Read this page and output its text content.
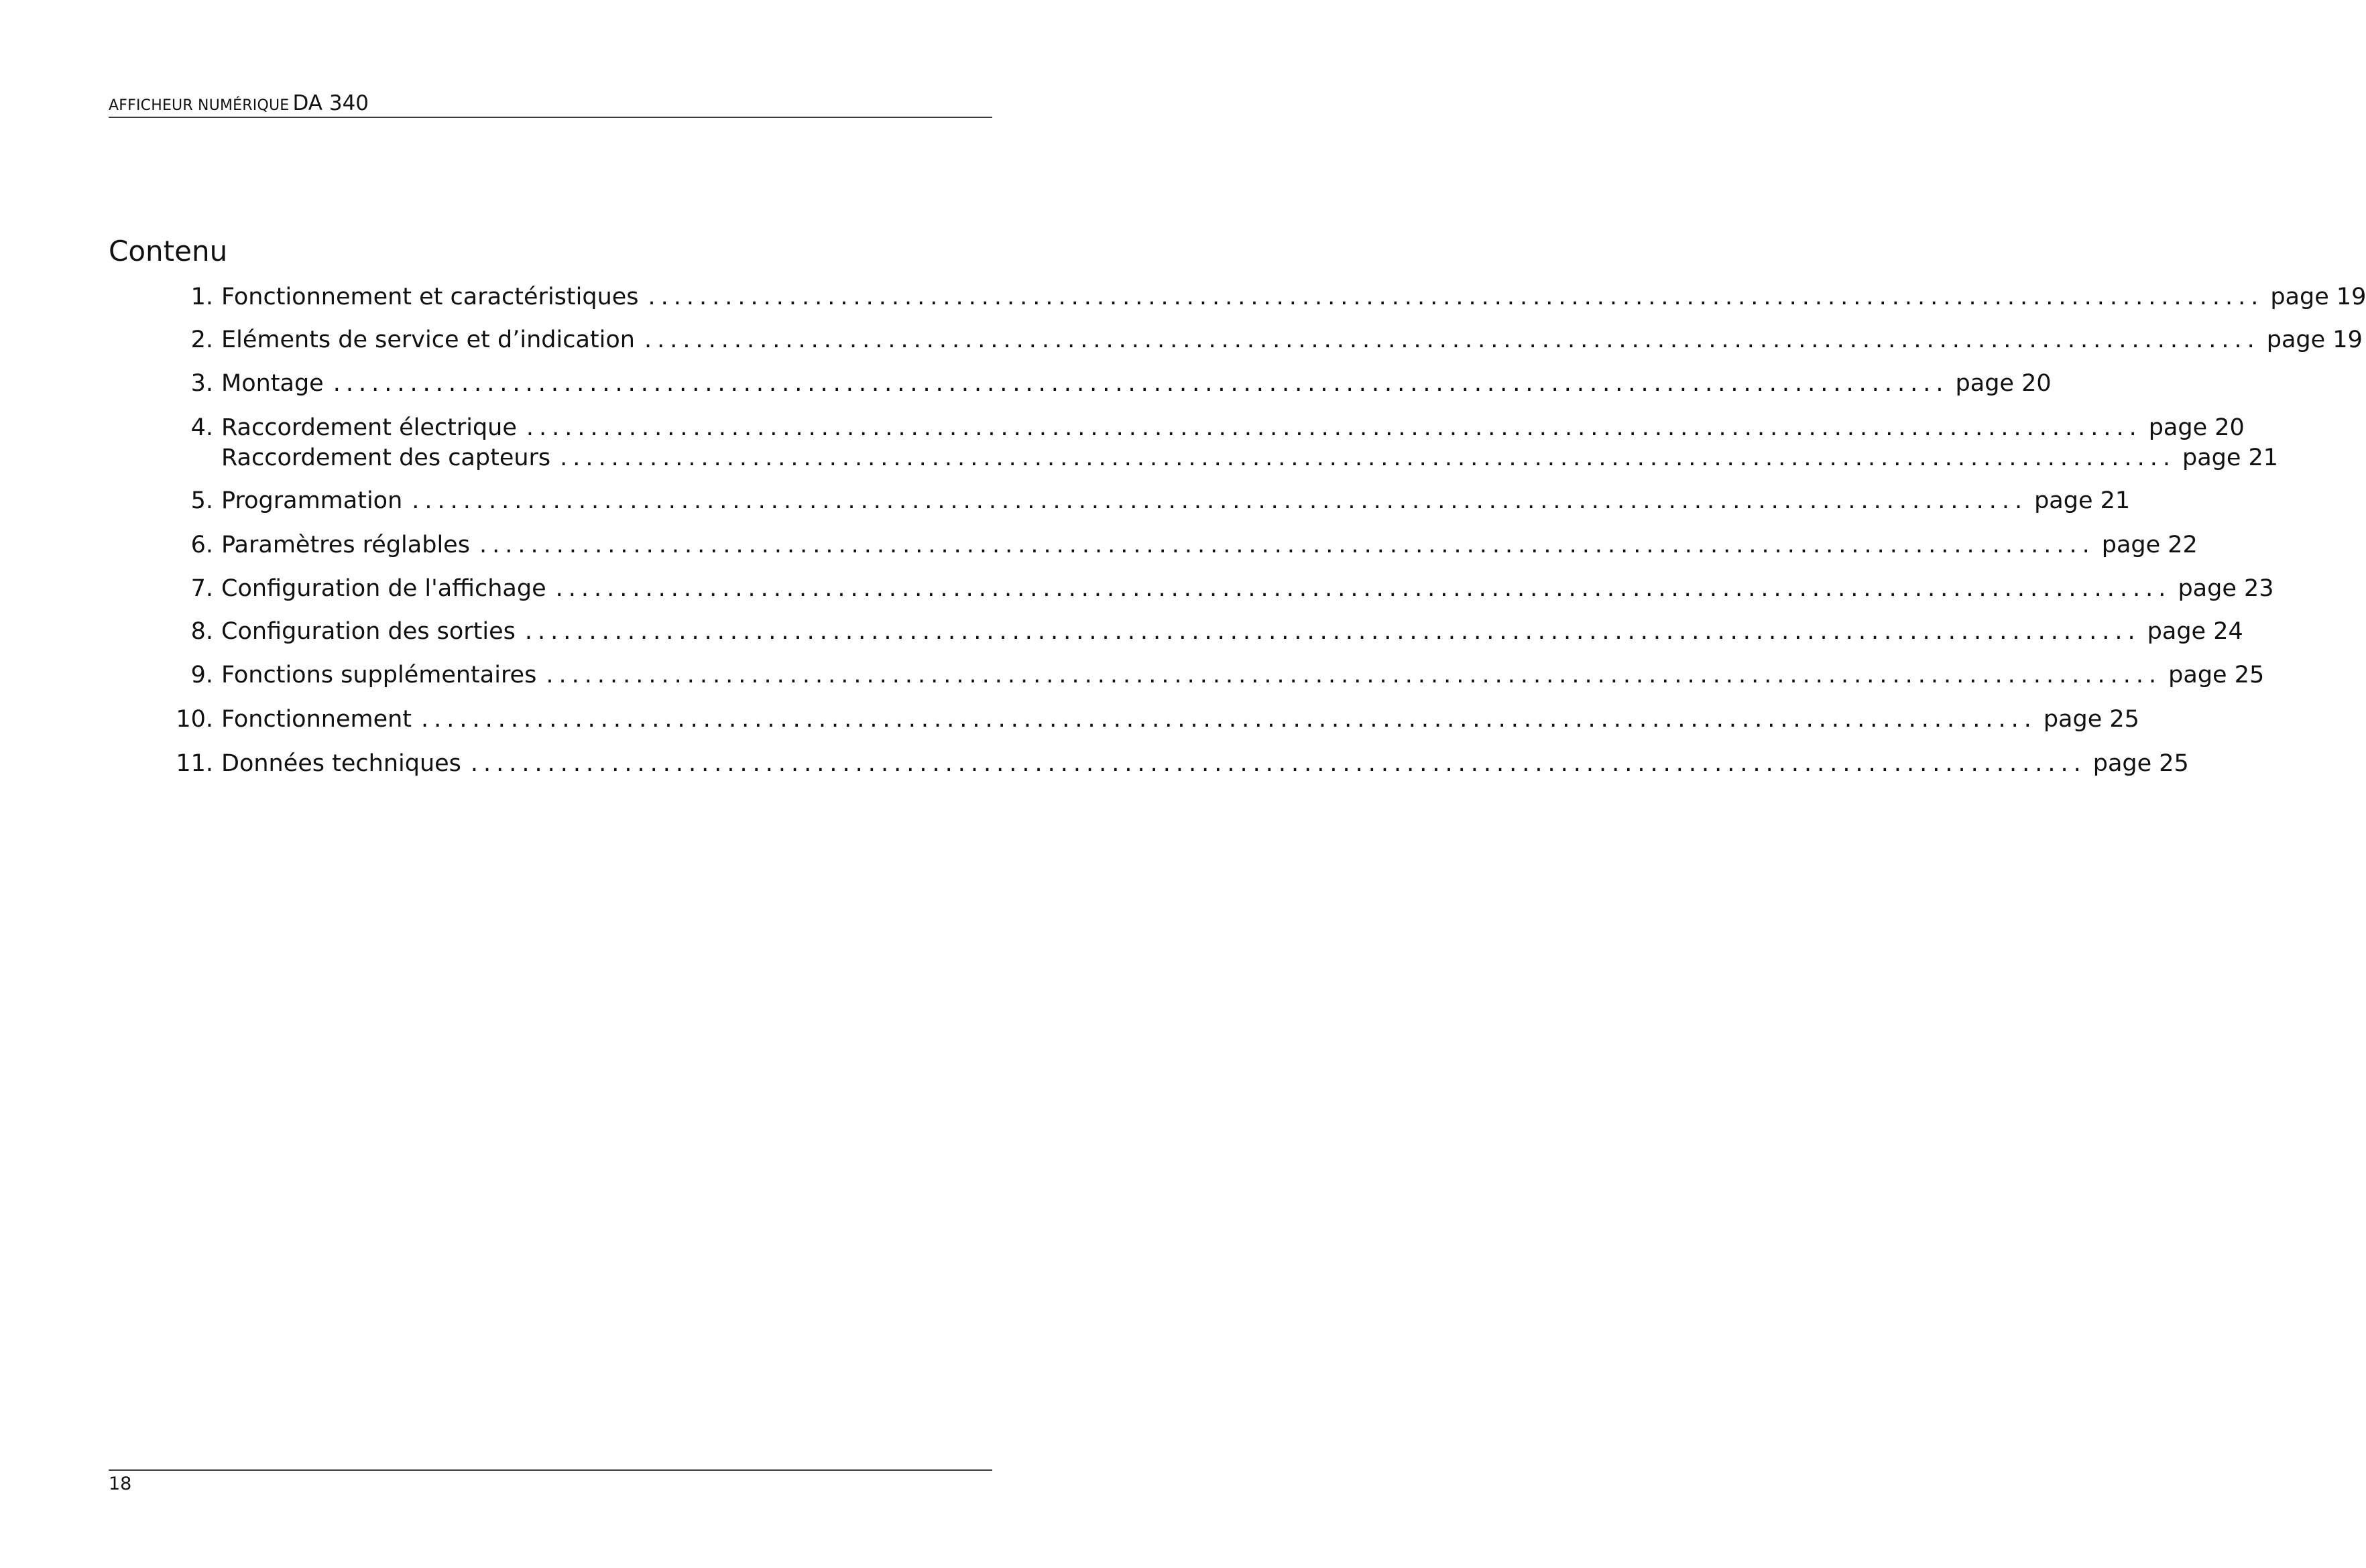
AFFICHEUR NUMÉRIQUE DA 340
Contenu
1. Fonctionnement et caractéristiques .............................................................................................................................. page 19
2. Eléments de service et d’indication .............................................................................................................................. page 19
3. Montage .............................................................................................................................. page 20
4. Raccordement électrique .............................................................................................................................. page 20
Raccordement des capteurs .............................................................................................................................. page 21
5. Programmation .............................................................................................................................. page 21
6. Paramètres réglables .............................................................................................................................. page 22
7. Configuration de l'affichage .............................................................................................................................. page 23
8. Configuration des sorties .............................................................................................................................. page 24
9. Fonctions supplémentaires .............................................................................................................................. page 25
10. Fonctionnement .............................................................................................................................. page 25
11. Données techniques .............................................................................................................................. page 25
18
